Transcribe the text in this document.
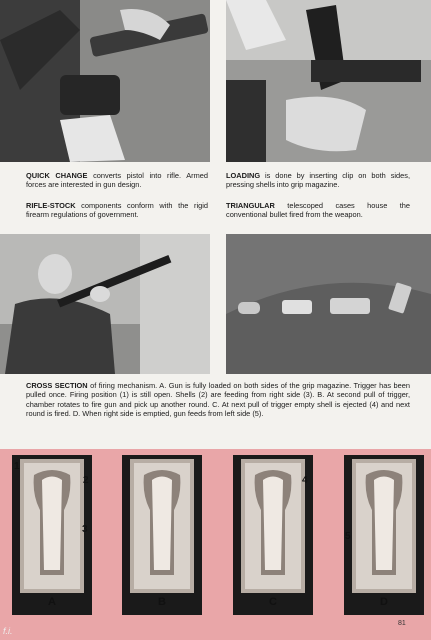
QUICK CHANGE converts pistol into rifle. Armed forces are interested in gun design.
LOADING is done by inserting clip on both sides, pressing shells into grip magazine.
RIFLE-STOCK components conform with the rigid firearm regulations of government.
TRIANGULAR telescoped cases house the conventional bullet fired from the weapon.
CROSS SECTION of firing mechanism. A. Gun is fully loaded on both sides of the grip magazine. Trigger has been pulled once. Firing position (1) is still open. Shells (2) are feeding from right side (3). B. At second pull of trigger, chamber rotates to fire gun and pick up another round. C. At next pull of trigger empty shell is ejected (4) and next round is fired. D. When right side is emptied, gun feeds from left side (5).
A	B	C	D
1
2
3
4
5
81
f.i.
